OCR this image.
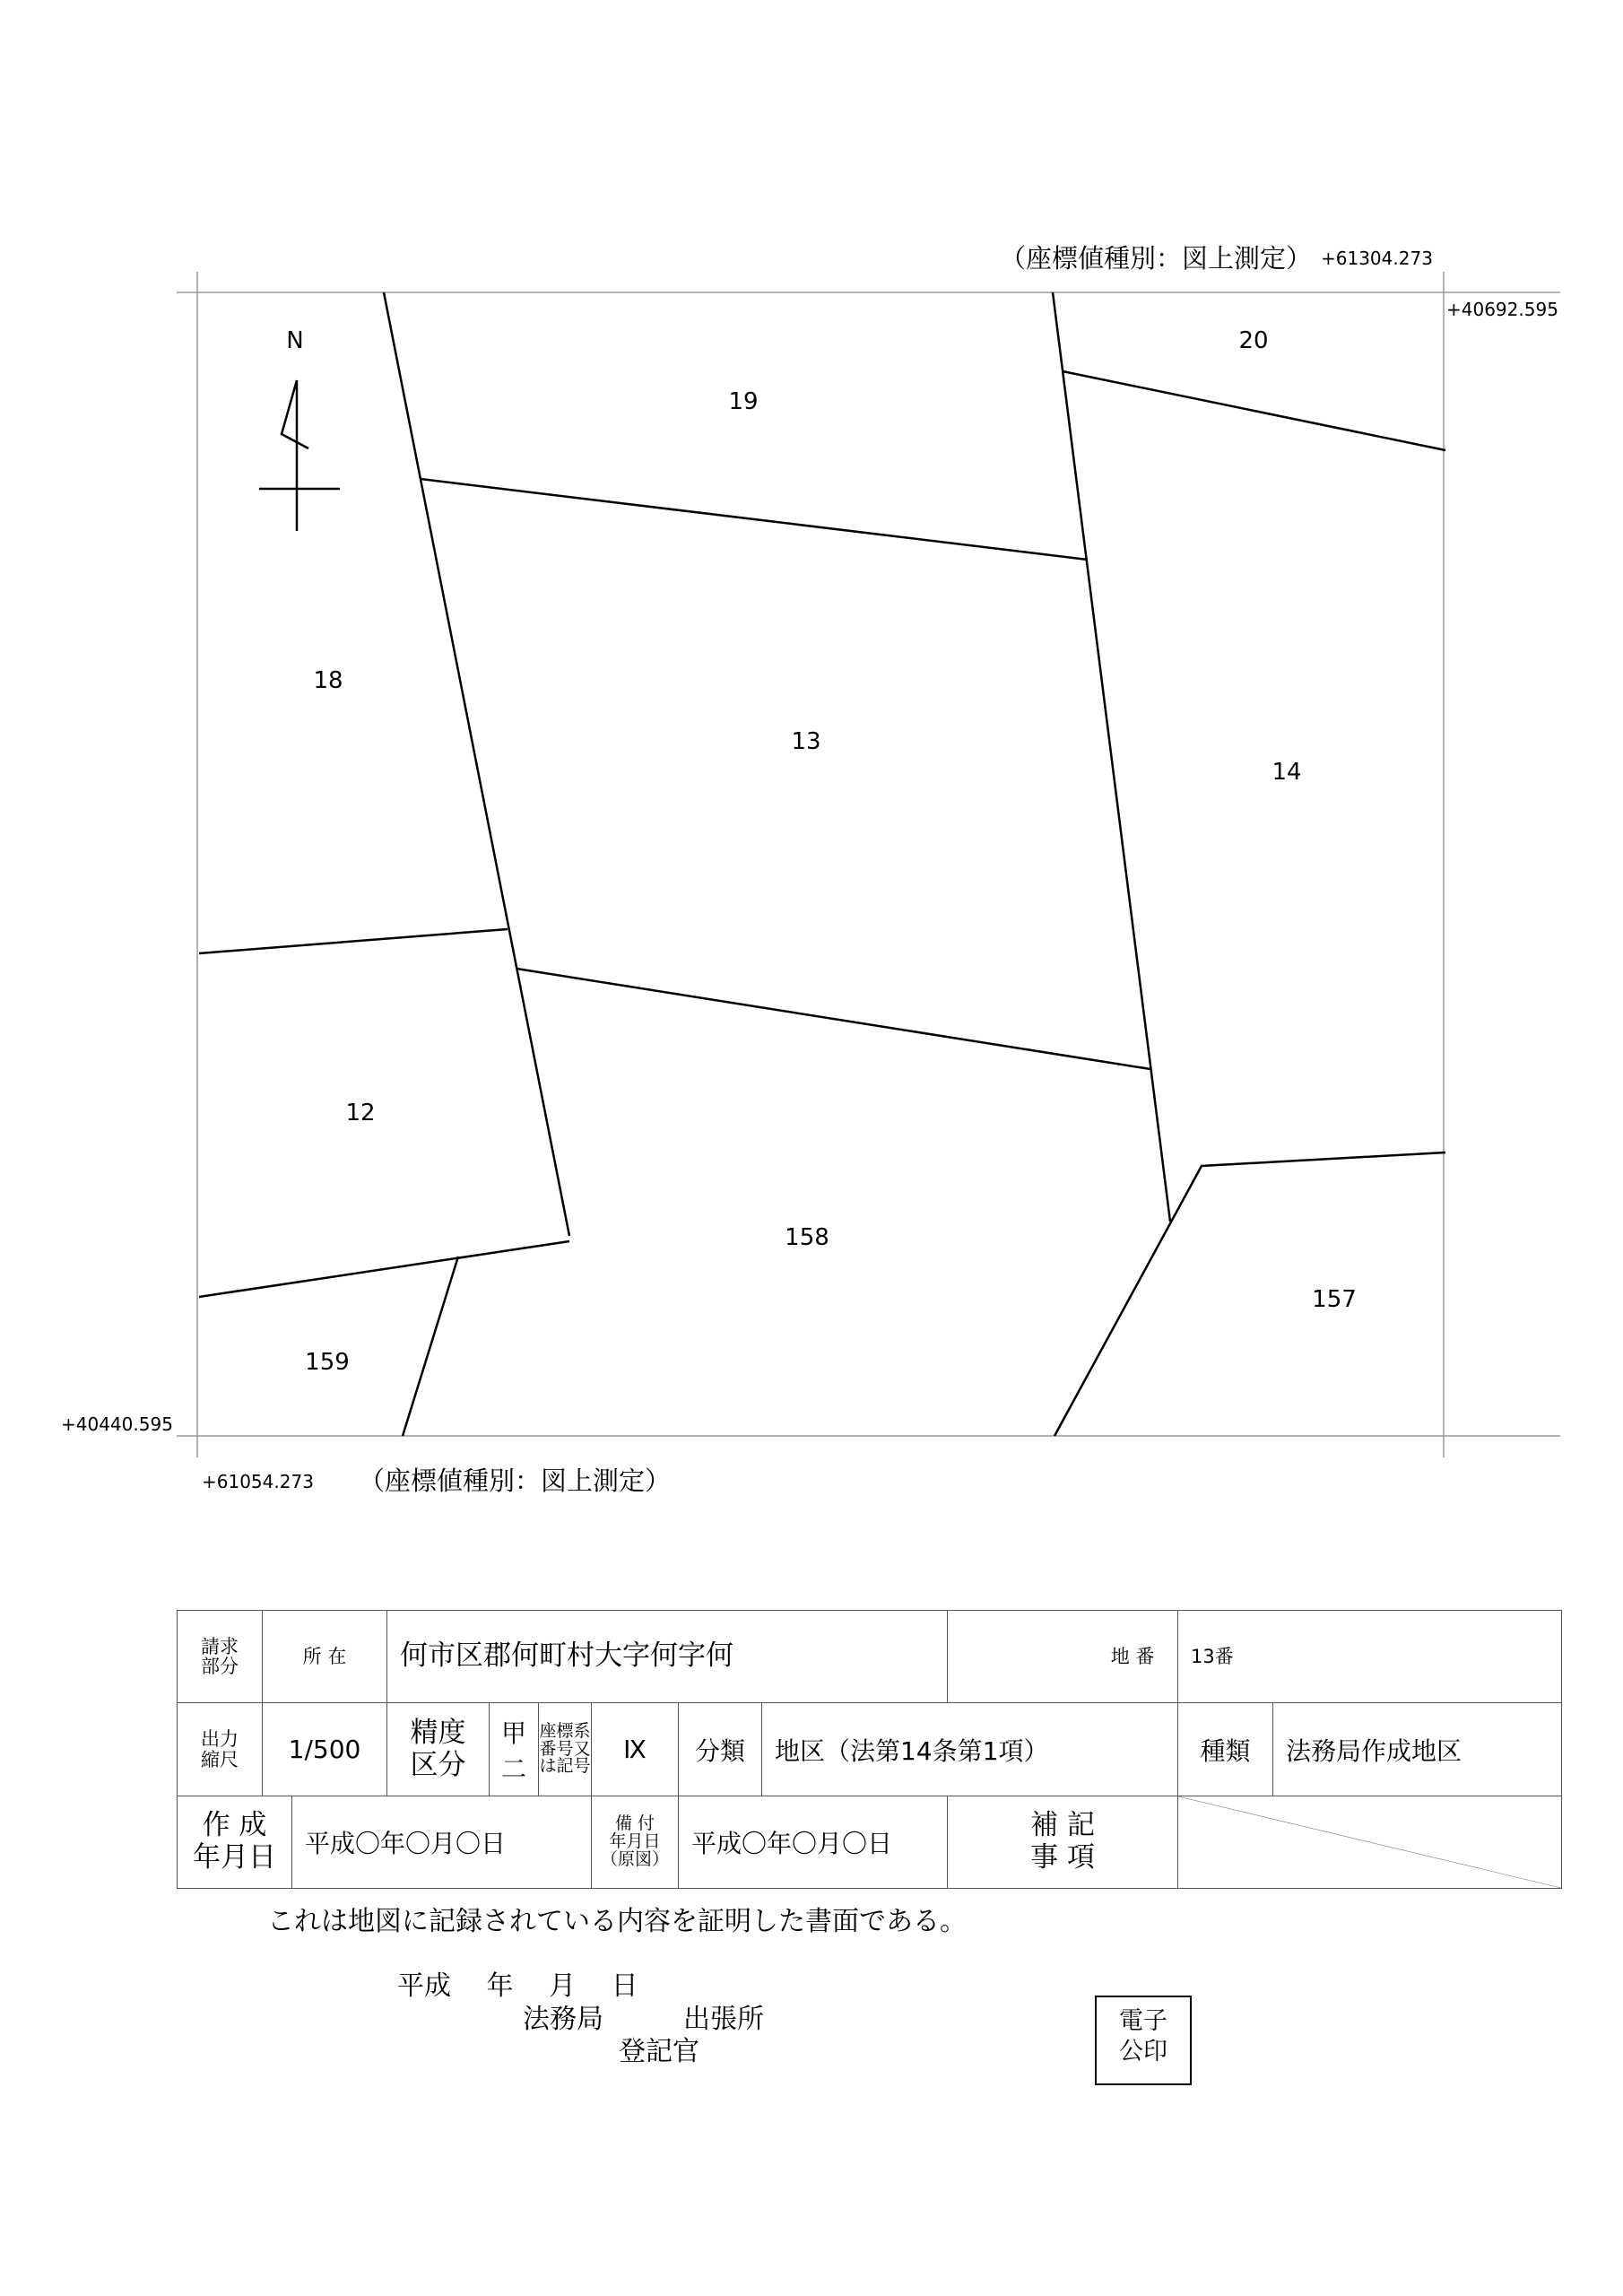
N	20
19
18
13
14
12
158
157
159
（座標値種別：図上測定） +61304.273
+40692.595
+40440.595
+61054.273 （座標値種別：図上測定）
請求
部分	所 在		何市区郡何町村大字何字何						地 番	13番	
出力
縮尺	1/500		精度
区分	甲二	座標系
番号又
は記号	Ⅸ	分類	地区（法第14条第1項）		種類	法務局作成地区
作 成
年月日		平成〇年〇月〇日				備 付
年月日
（原図）	平成〇年〇月〇日		補 記
事 項	
これは地図に記録されている内容を証明した書面である。
平成　 年　 月　 日
法務局	出張所
登記官
電子
公印
